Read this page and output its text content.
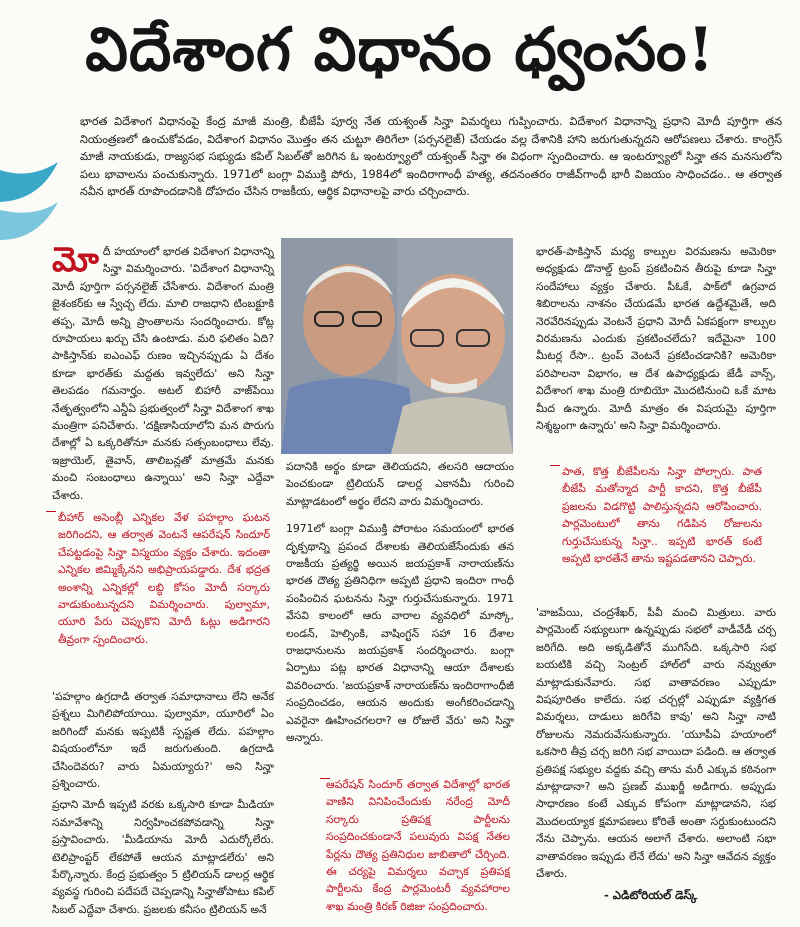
విదేశాంగ విధానం ధ్వంసం!
భారత విదేశాంగ విధానంపై కేంద్ర మాజీ మంత్రి, బీజేపీ పూర్వ నేత యశ్వంత్ సిన్హా విమర్శలు గుప్పించారు. విదేశాంగ విధానాన్ని ప్రధాని మోదీ పూర్తిగా తన నియంత్రణలో ఉంచుకోవడం, విదేశాంగ విధానం మొత్తం తన చుట్టూ తిరిగేలా (పర్సనలైజ్) చేయడం వల్ల దేశానికి హాని జరుగుతున్నదని ఆరోపణలు చేశారు. కాంగ్రెస్ మాజీ నాయకుడు, రాజ్యసభ సభ్యుడు కపిల్ సిబల్‌తో జరిగిన ఓ ఇంటర్వ్యూలో యశ్వంత్ సిన్హా ఈ విధంగా స్పందించారు. ఆ ఇంటర్వ్యూలో సిన్హా తన మనసులోని పలు భావాలను పంచుకున్నారు. 1971లో బంగ్లా విముక్తి పోరు, 1984లో ఇందిరాగాంధీ హత్య, తదనంతరం రాజీవ్‌గాంధీ భారీ విజయం సాధించడం.. ఆ తర్వాత నవీన భారత్ రూపొందడానికి దోహదం చేసిన రాజకీయ, ఆర్థిక విధానాలపై వారు చర్చించారు.

మోదీ హయాంలో భారత విదేశాంగ విధానాన్ని సిన్హా విమర్శించారు. 'విదేశాంగ విధానాన్ని మోదీ పూర్తిగా పర్సనలైజ్ చేసేశారు. విదేశాంగ మంత్రి జైశంకర్‌కు ఆ స్వేచ్ఛ లేదు. మాలి రాజధాని టింబక్టూకి తప్ప, మోదీ అన్ని ప్రాంతాలను సందర్శించారు. కోట్ల రూపాయలు ఖర్చు చేసి ఉంటాడు. మరి ఫలితం ఏది? పాకిస్తాన్‌కు ఐఎంఎఫ్ రుణం ఇచ్చినప్పుడు ఏ దేశం కూడా భారత్‌కు మద్దతు ఇవ్వలేదు' అని సిన్హా తెలపడం గమనార్హం. అటల్ బిహారీ వాజ్‌పేయి నేతృత్వంలోని ఎన్డీఏ ప్రభుత్వంలో సిన్హా విదేశాంగ శాఖ మంత్రిగా పనిచేశారు. 'దక్షిణాసియాలోని మన పొరుగు దేశాల్లో ఏ ఒక్కరితోనూ మనకు సత్సంబంధాలు లేవు. ఇజ్రాయెల్, తైవాన్, తాలిబన్లతో మాత్రమే మనకు మంచి సంబంధాలు ఉన్నాయి' అని సిన్హా ఎద్దేవా చేశారు.

బీహార్ అసెంబ్లీ ఎన్నికల వేళ పహల్గాం ఘటన జరిగిందని, ఆ తర్వాత వెంటనే ఆపరేషన్ సిందూర్ చేపట్టడంపై సిన్హా విస్మయం వ్యక్తం చేశారు. ఇదంతా ఎన్నికల జిమ్మిక్కేనని అభిప్రాయపడ్డారు. దేశ భద్రత అంశాన్ని ఎన్నికల్లో లబ్ధి కోసం మోదీ సర్కారు వాడుకుంటున్నదని విమర్శించారు. పుల్వామా, యూరి పేరు చెప్పుకొని మోదీ ఓట్లు అడిగారని తీవ్రంగా స్పందించారు.

'పహల్గాం ఉగ్రదాడి తర్వాత సమాధానాలు లేని అనేక ప్రశ్నలు మిగిలిపోయాయి. పుల్వామా, యూరిలో ఏం జరిగిందో మనకు ఇప్పటికీ స్పష్టత లేదు. పహల్గాం విషయంలోనూ ఇదే జరుగుతుంది. ఉగ్రదాడి చేసిందెవరు? వారు ఏమయ్యారు?' అని సిన్హా ప్రశ్నించారు.

ప్రధాని మోదీ ఇప్పటి వరకు ఒక్కసారి కూడా మీడియా సమావేశాన్ని నిర్వహించకపోవడాన్ని సిన్హా ప్రస్తావించారు. 'మీడియాను మోదీ ఎదుర్కోలేరు. టెలిప్రాంప్టర్ లేకపోతే ఆయన మాట్లాడలేరు' అని పేర్కొన్నారు. కేంద్ర ప్రభుత్వం 5 ట్రిలియన్ డాలర్ల ఆర్థిక వ్యవస్థ గురించి పదేపదే చెప్పడాన్ని సిన్హాతోపాటు కపిల్ సిబల్ ఎద్దేవా చేశారు. ప్రజలకు కనీసం ట్రిలియన్ అనే

పదానికి అర్థం కూడా తెలియదని, తలసరి ఆదాయం పెంచకుండా ట్రిలియన్ డాలర్ల ఎకానమీ గురించి మాట్లాడటంలో అర్థం లేదని వారు విమర్శించారు.

1971లో బంగ్లా విముక్తి పోరాటం సమయంలో భారత దృక్పథాన్ని ప్రపంచ దేశాలకు తెలియజేసేందుకు తన రాజకీయ ప్రత్యర్థి అయిన జయప్రకాశ్ నారాయణ్‌ను భారత దౌత్య ప్రతినిధిగా అప్పటి ప్రధాని ఇందిరా గాంధీ పంపించిన ఘటనను సిన్హా గుర్తుచేసుకున్నారు. 1971 వేసవి కాలంలో ఆరు వారాల వ్యవధిలో మాస్కో, లండన్, హెల్సింకి, వాషింగ్టన్ సహా 16 దేశాల రాజధానులను జయప్రకాశ్ సందర్శించారు. బంగ్లా ఏర్పాటు పట్ల భారత విధానాన్ని ఆయా దేశాలకు వివరించారు. 'జయప్రకాశ్ నారాయణ్‌ను ఇందిరాగాంధీజీ సంప్రదించడం, ఆయన అందుకు అంగీకరించడాన్ని ఎవరైనా ఊహించగలరా? ఆ రోజులే వేరు' అని సిన్హా అన్నారు.

ఆపరేషన్ సిందూర్ తర్వాత విదేశాల్లో భారత వాణిని వినిపించేందుకు నరేంద్ర మోదీ సర్కారు ప్రతిపక్ష పార్టీలను సంప్రదించకుండానే పలువురు విపక్ష నేతల పేర్లను దౌత్య ప్రతినిధుల జాబితాలో చేర్చింది. ఈ చర్యపై విమర్శలు వచ్చాక ప్రతిపక్ష పార్టీలను కేంద్ర పార్లమెంటరీ వ్యవహారాల శాఖ మంత్రి కిరణ్ రిజిజు సంప్రదించారు.

భారత్-పాకిస్తాన్ మధ్య కాల్పుల విరమణను అమెరికా అధ్యక్షుడు డొనాల్డ్ ట్రంప్ ప్రకటించిన తీరుపై కూడా సిన్హా సందేహాలు వ్యక్తం చేశారు. పీఓకే, పాక్‌లో ఉగ్రవాద శిబిరాలను నాశనం చేయడమే భారత ఉద్దేశమైతే, అది నెరవేరినప్పుడు వెంటనే ప్రధాని మోదీ ఏకపక్షంగా కాల్పుల విరమణను ఎందుకు ప్రకటించలేదు? ఇదేమైనా 100 మీటర్ల రేసా.. ట్రంప్ వెంటనే ప్రకటించడానికి? అమెరికా పరిపాలనా విభాగం, ఆ దేశ ఉపాధ్యక్షుడు జేడీ వాన్స్, విదేశాంగ శాఖ మంత్రి రూబియో మొదటినుంచి ఒకే మాట మీద ఉన్నారు. మోదీ మాత్రం ఈ విషయమై పూర్తిగా నిశ్శబ్దంగా ఉన్నారు' అని సిన్హా విమర్శించారు.

పాత, కొత్త బీజేపీలను సిన్హా పోల్చారు. పాత బీజేపీ మతోన్మాద పార్టీ కాదని, కొత్త బీజేపీ ప్రజలను విడగొట్టి పాలిస్తున్నదని ఆరోపించారు. పార్లమెంటులో తాను గడిపిన రోజులను గుర్తుచేసుకున్న సిన్హా.. ఇప్పటి భారత్ కంటే అప్పటి భారతేనే తాను ఇష్టపడతానని చెప్పారు.

'వాజపేయి, చంద్రశేఖర్, పీవీ మంచి మిత్రులు. వారు పార్లమెంట్ సభ్యులుగా ఉన్నప్పుడు సభలో వాడీవేడీ చర్చ జరిగేది. అది అక్కడితోనే ముగిసేది. ఒక్కసారి సభ బయటికి వచ్చి సెంట్రల్ హాల్‌లో వారు నవ్వుతూ మాట్లాడుకునేవారు. సభ వాతావరణం ఎప్పుడూ విషపూరితం కాలేదు. సభ చర్చల్లో ఎప్పుడూ వ్యక్తిగత విమర్శలు, దాడులు జరిగేవి కావు' అని సిన్హా నాటి రోజులను నెమరువేసుకున్నారు. 'యూపీఏ హయాంలో ఒకసారి తీవ్ర చర్చ జరిగి సభ వాయిదా పడింది. ఆ తర్వాత ప్రతిపక్ష సభ్యుల వద్దకు వచ్చి తాను మరీ ఎక్కువ కఠినంగా మాట్లాడానా? అని ప్రణబ్ ముఖర్జీ అడిగారు. అప్పుడు సాధారణం కంటే ఎక్కువ కోపంగా మాట్లాడావని, సభ మొదలయ్యాక క్షమాపణలు కోరితే అంతా సర్దుకుంటుందని నేను చెప్పాను. ఆయన అలాగే చేశారు. అలాంటి సభా వాతావరణం ఇప్పుడు లేనే లేదు' అని సిన్హా ఆవేదన వ్యక్తం చేశారు.

- ఎడిటోరియల్ డెస్క్
